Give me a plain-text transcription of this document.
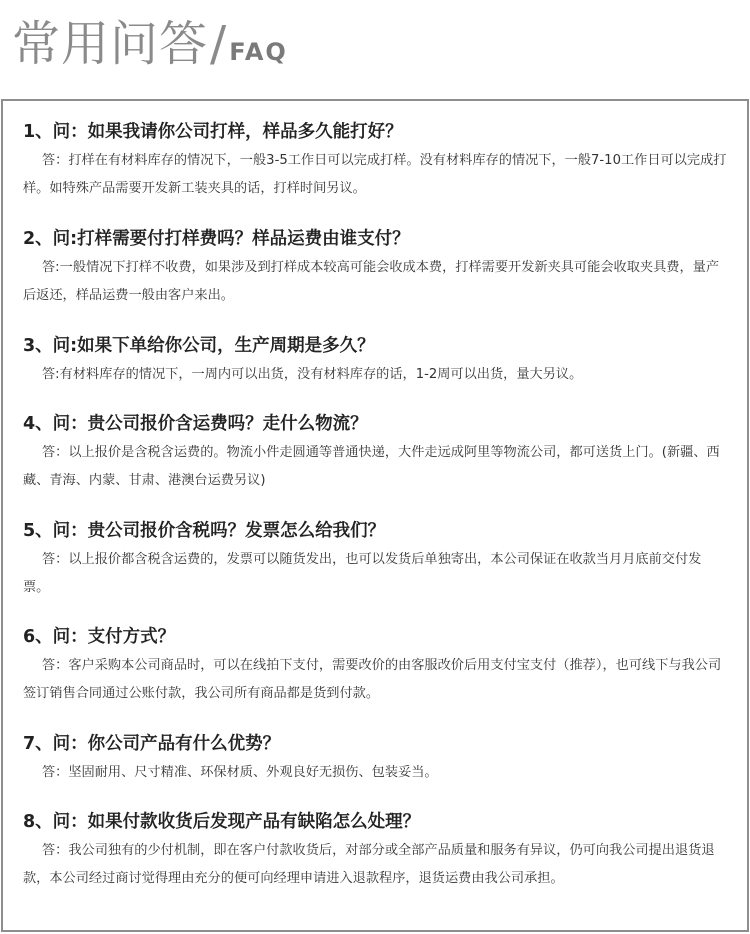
常用问答/FAQ
1、问：如果我请你公司打样，样品多久能打好？
答：打样在有材料库存的情况下，一般3-5工作日可以完成打样。没有材料库存的情况下，一般7-10工作日可以完成打样。如特殊产品需要开发新工装夹具的话，打样时间另议。
2、问:打样需要付打样费吗？样品运费由谁支付？
答:一般情况下打样不收费，如果涉及到打样成本较高可能会收成本费，打样需要开发新夹具可能会收取夹具费，量产后返还，样品运费一般由客户来出。
3、问:如果下单给你公司，生产周期是多久？
答:有材料库存的情况下，一周内可以出货，没有材料库存的话，1-2周可以出货，量大另议。
4、问：贵公司报价含运费吗？走什么物流？
答：以上报价是含税含运费的。物流小件走圆通等普通快递，大件走远成阿里等物流公司，都可送货上门。(新疆、西藏、青海、内蒙、甘肃、港澳台运费另议)
5、问：贵公司报价含税吗？发票怎么给我们？
答：以上报价都含税含运费的，发票可以随货发出，也可以发货后单独寄出，本公司保证在收款当月月底前交付发票。
6、问：支付方式？
答：客户采购本公司商品时，可以在线拍下支付，需要改价的由客服改价后用支付宝支付（推荐），也可线下与我公司签订销售合同通过公账付款，我公司所有商品都是货到付款。
7、问：你公司产品有什么优势？
答：坚固耐用、尺寸精准、环保材质、外观良好无损伤、包装妥当。
8、问：如果付款收货后发现产品有缺陷怎么处理？
答：我公司独有的少付机制，即在客户付款收货后，对部分或全部产品质量和服务有异议，仍可向我公司提出退货退款，本公司经过商讨觉得理由充分的便可向经理申请进入退款程序，退货运费由我公司承担。
